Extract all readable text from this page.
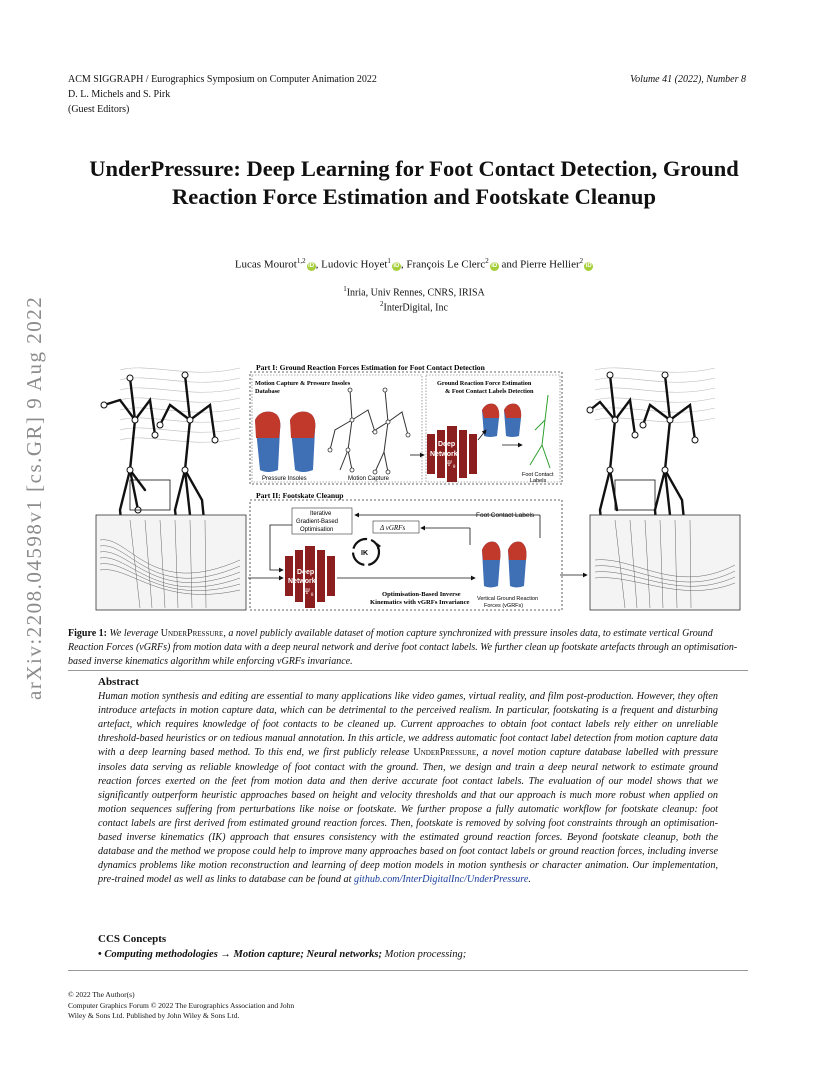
ACM SIGGRAPH / Eurographics Symposium on Computer Animation 2022
D. L. Michels and S. Pirk
(Guest Editors)
Volume 41 (2022), Number 8
arXiv:2208.04598v1 [cs.GR] 9 Aug 2022
UnderPressure: Deep Learning for Foot Contact Detection, Ground Reaction Force Estimation and Footskate Cleanup
Lucas Mourot$^{1,2}$iD , Ludovic Hoyet$^1$iD , François Le Clerc$^2$iD and Pierre Hellier$^2$iD
$^1$Inria, Univ Rennes, CNRS, IRISA
$^2$InterDigital, Inc
Part I: Ground Reaction Forces Estimation for Foot Contact Detection
Motion Capture & Pressure Insoles
Database
Ground Reaction Force Estimation
& Foot Contact Labels Detection
Pressure Insoles	Motion Capture
Deep
Network
Ψ θ
Foot Contact
Labels
Part II: Footskate Cleanup
Iterative
Gradient-Based
Optimisation	Δ vGRFs
Foot Contact Labels
IK
Deep
Network
Ψ θ	Optimisation-Based Inverse
Kinematics with vGRFs Invariance Vertical Ground Reaction
Forces (vGRFs)
Figure 1: We leverage UnderPressure, a novel publicly available dataset of motion capture synchronized with pressure insoles data, to estimate vertical Ground Reaction Forces (vGRFs) from motion data with a deep neural network and derive foot contact labels. We further clean up footskate artefacts through an optimisation-based inverse kinematics algorithm while enforcing vGRFs invariance.
Abstract

Human motion synthesis and editing are essential to many applications like video games, virtual reality, and film post-production. However, they often introduce artefacts in motion capture data, which can be detrimental to the perceived realism. In particular, footskating is a frequent and disturbing artefact, which requires knowledge of foot contacts to be cleaned up. Current approaches to obtain foot contact labels rely either on unreliable threshold-based heuristics or on tedious manual annotation. In this article, we address automatic foot contact label detection from motion capture data with a deep learning based method. To this end, we first publicly release UnderPressure, a novel motion capture database labelled with pressure insoles data serving as reliable knowledge of foot contact with the ground. Then, we design and train a deep neural network to estimate ground reaction forces exerted on the feet from motion data and then derive accurate foot contact labels. The evaluation of our model shows that we significantly outperform heuristic approaches based on height and velocity thresholds and that our approach is much more robust when applied on motion sequences suffering from perturbations like noise or footskate. We further propose a fully automatic workflow for footskate cleanup: foot contact labels are first derived from estimated ground reaction forces. Then, footskate is removed by solving foot constraints through an optimisation-based inverse kinematics (IK) approach that ensures consistency with the estimated ground reaction forces. Beyond footskate cleanup, both the database and the method we propose could help to improve many approaches based on foot contact labels or ground reaction forces, including inverse dynamics problems like motion reconstruction and learning of deep motion models in motion synthesis or character animation. Our implementation, pre-trained model as well as links to database can be found at github.com/InterDigitalInc/UnderPressure.

CCS Concepts
• Computing methodologies → Motion capture; Neural networks; Motion processing;
© 2022 The Author(s)
Computer Graphics Forum © 2022 The Eurographics Association and John
Wiley & Sons Ltd. Published by John Wiley & Sons Ltd.
